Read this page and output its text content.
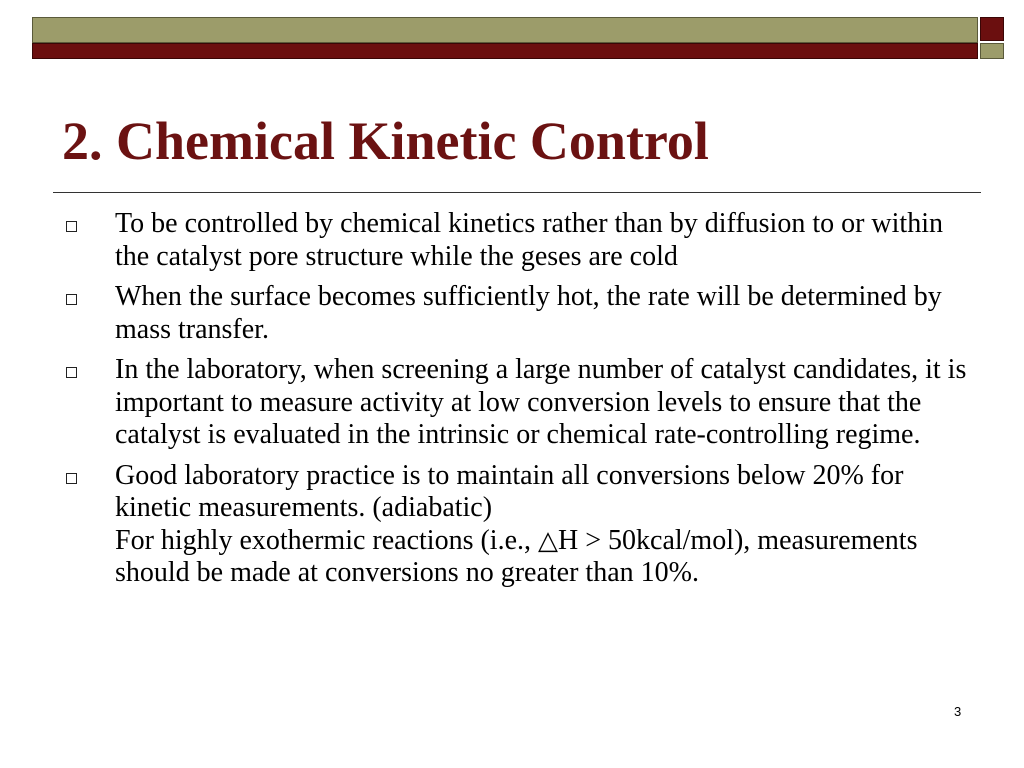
2. Chemical Kinetic Control
To be controlled by chemical kinetics rather than by diffusion to or within the catalyst pore structure while the geses are cold
When the surface becomes sufficiently hot, the rate will be determined by mass transfer.
In the laboratory, when screening a large number of catalyst candidates, it is important to measure activity at low conversion levels to ensure that the catalyst is evaluated in the intrinsic or chemical rate-controlling regime.
Good laboratory practice is to maintain all conversions below 20% for kinetic measurements. (adiabatic)
For highly exothermic reactions (i.e., △H > 50kcal/mol), measurements should be made at conversions no greater than 10%.
3
